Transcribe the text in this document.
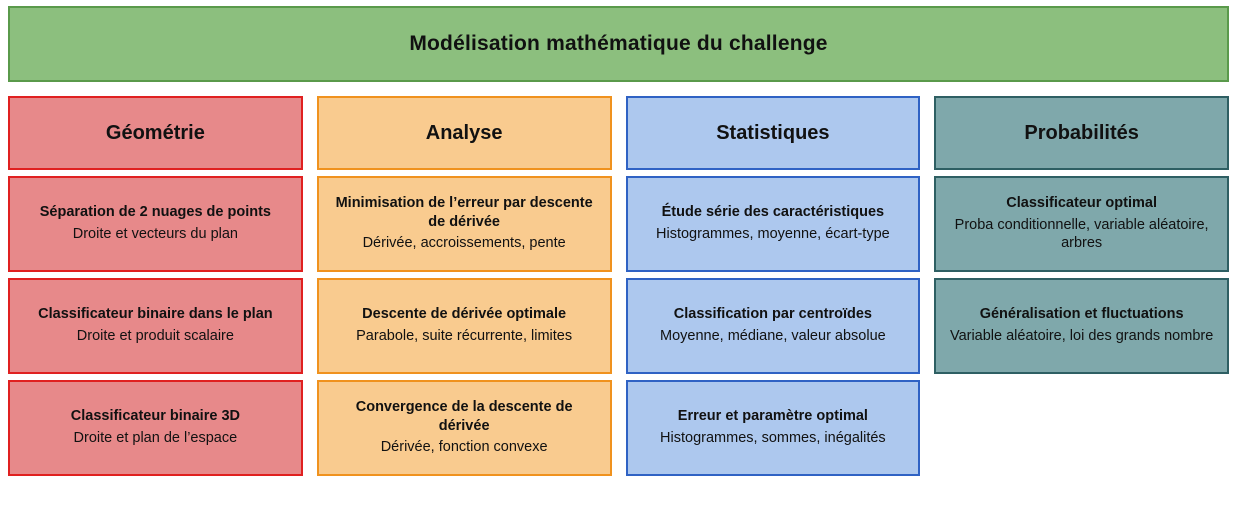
Modélisation mathématique du challenge
Géométrie
Séparation de 2 nuages de points
Droite et vecteurs du plan
Classificateur binaire dans le plan
Droite et produit scalaire
Classificateur binaire 3D
Droite et plan de l’espace
Analyse
Minimisation de l’erreur par descente de dérivée
Dérivée, accroissements, pente
Descente de dérivée optimale
Parabole, suite récurrente, limites
Convergence de la descente de dérivée
Dérivée, fonction convexe
Statistiques
Étude série des caractéristiques
Histogrammes, moyenne, écart-type
Classification par centroïdes
Moyenne, médiane, valeur absolue
Erreur et paramètre optimal
Histogrammes, sommes, inégalités
Probabilités
Classificateur optimal
Proba conditionnelle, variable aléatoire, arbres
Généralisation et fluctuations
Variable aléatoire, loi des grands nombre
